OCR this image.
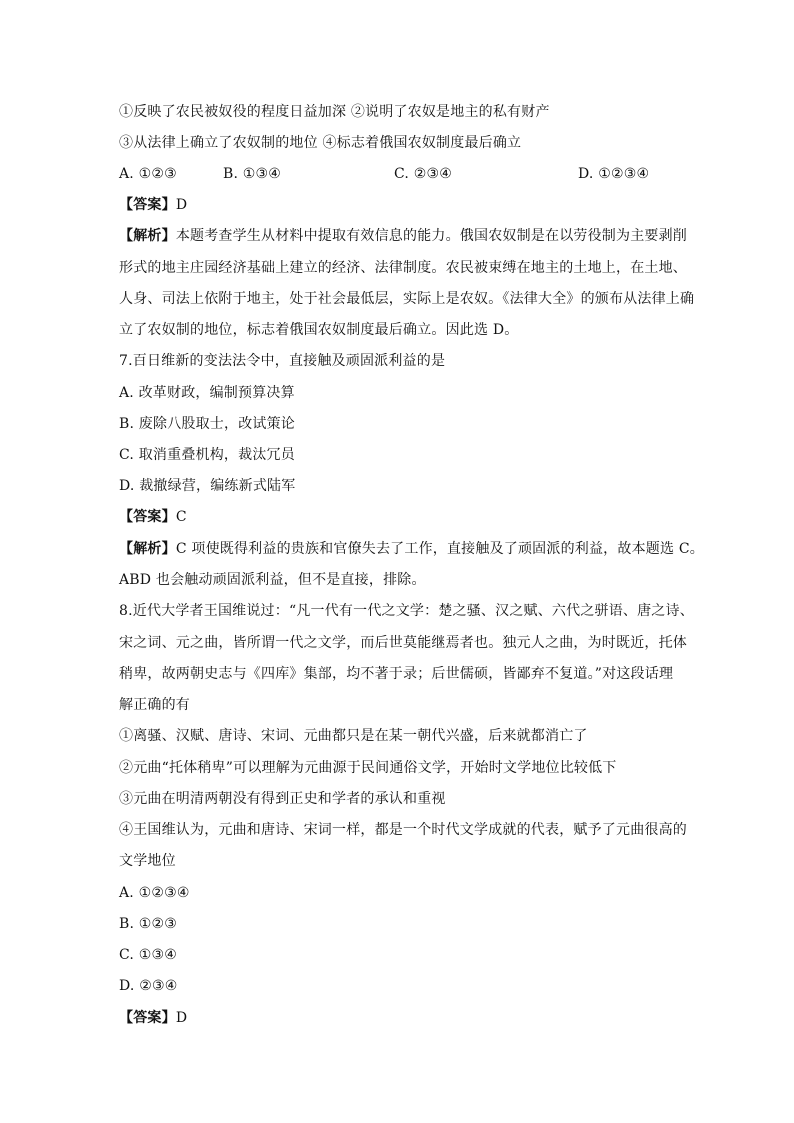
①反映了农民被奴役的程度日益加深 ②说明了农奴是地主的私有财产
③从法律上确立了农奴制的地位 ④标志着俄国农奴制度最后确立
A. ①②③	B. ①③④	C. ②③④	D. ①②③④
【答案】D
【解析】本题考查学生从材料中提取有效信息的能力。俄国农奴制是在以劳役制为主要剥削
形式的地主庄园经济基础上建立的经济、法律制度。农民被束缚在地主的土地上，在土地、
人身、司法上依附于地主，处于社会最低层，实际上是农奴。《法律大全》的颁布从法律上确
立了农奴制的地位，标志着俄国农奴制度最后确立。因此选 D。
7.百日维新的变法法令中，直接触及顽固派利益的是
A. 改革财政，编制预算决算
B. 废除八股取士，改试策论
C. 取消重叠机构，裁汰冗员
D. 裁撤绿营，编练新式陆军
【答案】C
【解析】C 项使既得利益的贵族和官僚失去了工作，直接触及了顽固派的利益，故本题选 C。
ABD 也会触动顽固派利益，但不是直接，排除。
8.近代大学者王国维说过：“凡一代有一代之文学：楚之骚、汉之赋、六代之骈语、唐之诗、
宋之词、元之曲，皆所谓一代之文学，而后世莫能继焉者也。独元人之曲，为时既近，托体
稍卑，故两朝史志与《四库》集部，均不著于录；后世儒硕，皆鄙弃不复道。”对这段话理
解正确的有
①离骚、汉赋、唐诗、宋词、元曲都只是在某一朝代兴盛，后来就都消亡了
②元曲“托体稍卑”可以理解为元曲源于民间通俗文学，开始时文学地位比较低下
③元曲在明清两朝没有得到正史和学者的承认和重视
④王国维认为，元曲和唐诗、宋词一样，都是一个时代文学成就的代表，赋予了元曲很高的
文学地位
A. ①②③④
B. ①②③
C. ①③④
D. ②③④
【答案】D
